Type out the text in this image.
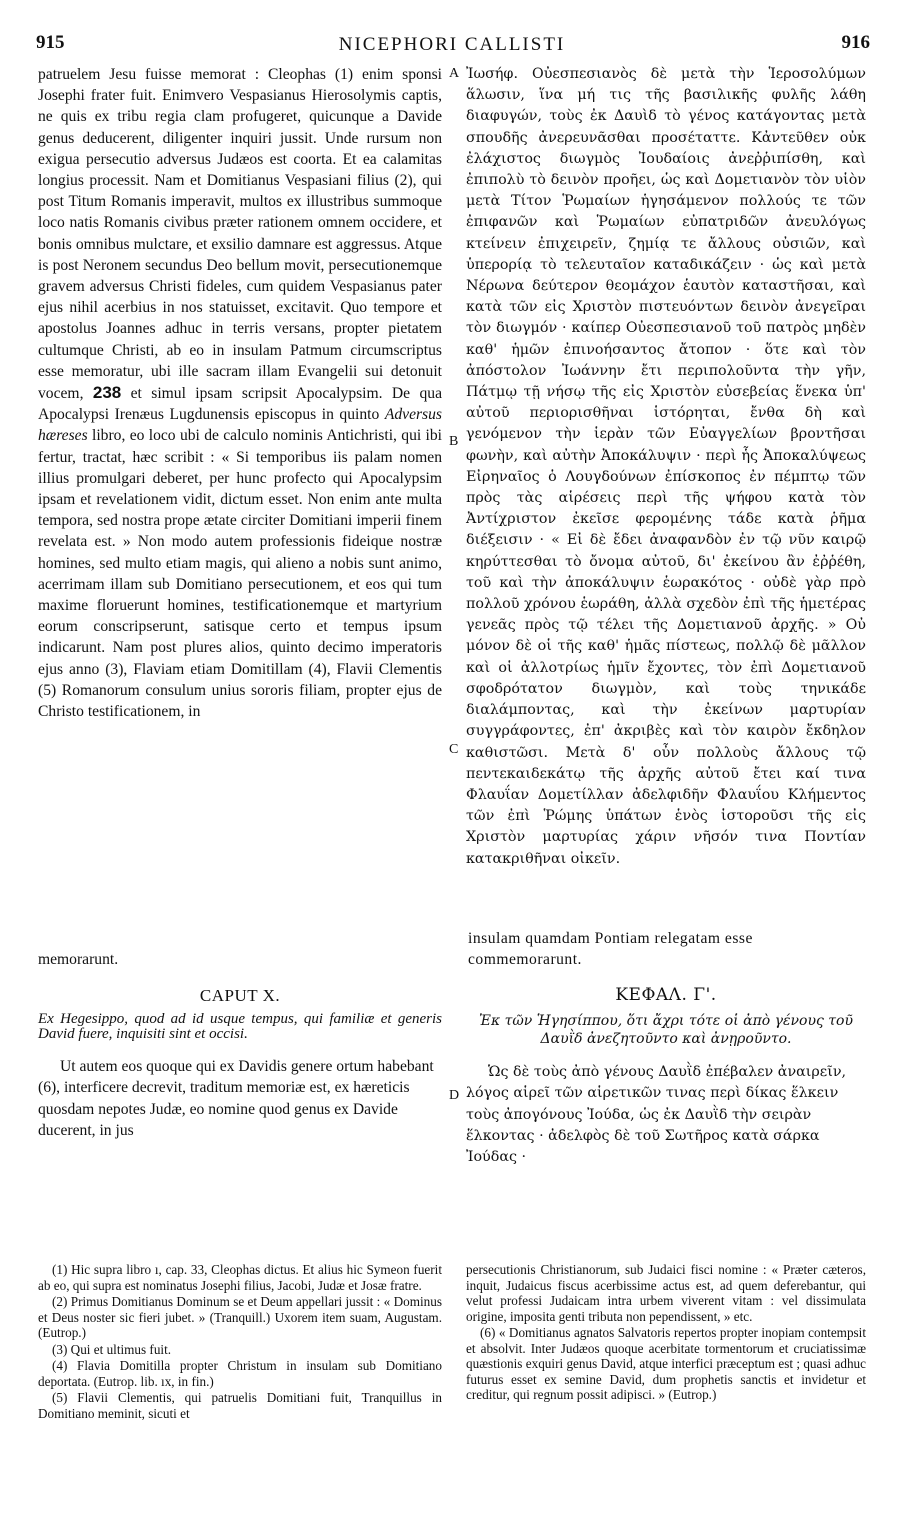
915	NICEPHORI CALLISTI	916
patruelem Jesu fuisse memorat : Cleophas (1) enim sponsi Josephi frater fuit. Enimvero Vespasianus Hierosolymis captis, ne quis ex tribu regia clam profugeret, quicunque a Davide genus deducerent, diligenter inquiri jussit. Unde rursum non exigua persecutio adversus Judæos est coorta. Et ea calamitas longius processit. Nam et Domitianus Vespasiani filius (2), qui post Titum Romanis imperavit, multos ex illustribus summoque loco natis Romanis civibus præter rationem omnem occidere, et bonis omnibus mulctare, et exsilio damnare est aggressus. Atque is post Neronem secundus Deo bellum movit, persecutionemque gravem adversus Christi fideles, cum quidem Vespasianus pater ejus nihil acerbius in nos statuisset, excitavit. Quo tempore et apostolus Joannes adhuc in terris versans, propter pietatem cultumque Christi, ab eo in insulam Patmum circumscriptus esse memoratur, ubi ille sacram illam Evangelii sui detonuit vocem, 238 et simul ipsam scripsit Apocalypsim. De qua Apocalypsi Irenæus Lugdunensis episcopus in quinto Adversus hæreses libro, eo loco ubi de calculo nominis Antichristi, qui ibi fertur, tractat, hæc scribit : « Si temporibus iis palam nomen illius promulgari deberet, per hunc profecto qui Apocalypsim ipsam et revelationem vidit, dictum esset. Non enim ante multa tempora, sed nostra prope ætate circiter Domitiani imperii finem revelata est. » Non modo autem professionis fideique nostræ homines, sed multo etiam magis, qui alieno a nobis sunt animo, acerrimam illam sub Domitiano persecutionem, et eos qui tum maxime floruerunt homines, testificationemque et martyrium eorum conscripserunt, satisque certo et tempus ipsum indicarunt. Nam post plures alios, quinto decimo imperatoris ejus anno (3), Flaviam etiam Domitillam (4), Flavii Clementis (5) Romanorum consulum unius sororis filiam, propter ejus de Christo testificationem, in
A
B
C
D
Ἰωσήφ. Οὐεσπεσιανὸς δὲ μετὰ τὴν Ἱεροσολύμων ἅλωσιν, ἵνα μή τις τῆς βασιλικῆς φυλῆς λάθη διαφυγών, τοὺς ἐκ Δαυὶδ τὸ γένος κατάγοντας μετὰ σπουδῆς ἀνερευνᾶσθαι προσέταττε. Κἀντεῦθεν οὐκ ἐλάχιστος διωγμὸς Ἰουδαίοις ἀνεῤῥιπίσθη, καὶ ἐπιπολὺ τὸ δεινὸν προῆει, ὡς καὶ Δομετιανὸν τὸν υἱὸν μετὰ Τίτον Ῥωμαίων ἡγησάμενον πολλούς τε τῶν ἐπιφανῶν καὶ Ῥωμαίων εὐπατριδῶν ἀνευλόγως κτείνειν ἐπιχειρεῖν, ζημίᾳ τε ἄλλους οὐσιῶν, καὶ ὑπερορίᾳ τὸ τελευταῖον καταδικάζειν · ὡς καὶ μετὰ Νέρωνα δεύτερον θεομάχον ἑαυτὸν καταστῆσαι, καὶ κατὰ τῶν εἰς Χριστὸν πιστευόντων δεινὸν ἀνεγεῖραι τὸν διωγμόν · καίπερ Οὐεσπεσιανοῦ τοῦ πατρὸς μηδὲν καθ' ἡμῶν ἐπινοήσαντος ἄτοπον · ὅτε καὶ τὸν ἀπόστολον Ἰωάννην ἔτι περιπολοῦντα τὴν γῆν, Πάτμῳ τῇ νήσῳ τῆς εἰς Χριστὸν εὐσεβείας ἕνεκα ὑπ' αὐτοῦ περιορισθῆναι ἱστόρηται, ἔνθα δὴ καὶ γενόμενον τὴν ἱερὰν τῶν Εὐαγγελίων βροντῆσαι φωνὴν, καὶ αὐτὴν Ἀποκάλυψιν · περὶ ἧς Ἀποκαλύψεως Εἰρηναῖος ὁ Λουγδούνων ἐπίσκοπος ἐν πέμπτῳ τῶν πρὸς τὰς αἱρέσεις περὶ τῆς ψήφου κατὰ τὸν Ἀντίχριστον ἐκεῖσε φερομένης τάδε κατὰ ῥῆμα διέξεισιν · « Εἰ δὲ ἔδει ἀναφανδὸν ἐν τῷ νῦν καιρῷ κηρύττεσθαι τὸ ὄνομα αὐτοῦ, δι' ἐκείνου ἂν ἐῤῥέθη, τοῦ καὶ τὴν ἀποκάλυψιν ἑωρακότος · οὐδὲ γὰρ πρὸ πολλοῦ χρόνου ἑωράθη, ἀλλὰ σχεδὸν ἐπὶ τῆς ἡμετέρας γενεᾶς πρὸς τῷ τέλει τῆς Δομετιανοῦ ἀρχῆς. » Οὐ μόνον δὲ οἱ τῆς καθ' ἡμᾶς πίστεως, πολλῷ δὲ μᾶλλον καὶ οἱ ἀλλοτρίως ἡμῖν ἔχοντες, τὸν ἐπὶ Δομετιανοῦ σφοδρότατον διωγμὸν, καὶ τοὺς τηνικάδε διαλάμποντας, καὶ τὴν ἐκείνων μαρτυρίαν συγγράφοντες, ἐπ' ἀκριβὲς καὶ τὸν καιρὸν ἔκδηλον καθιστῶσι. Μετὰ δ' οὖν πολλοὺς ἄλλους τῷ πεντεκαιδεκάτῳ τῆς ἀρχῆς αὐτοῦ ἔτει καί τινα Φλαυΐαν Δομετίλλαν ἀδελφιδῆν Φλαυΐου Κλήμεντος τῶν ἐπὶ Ῥώμης ὑπάτων ἑνὸς ἱστοροῦσι τῆς εἰς Χριστὸν μαρτυρίας χάριν νῆσόν τινα Ποντίαν κατακριθῆναι οἰκεῖν.
memorarunt.
insulam quamdam Pontiam relegatam esse commemorarunt.
CAPUT X.
Ex Hegesippo, quod ad id usque tempus, qui familiæ et generis David fuere, inquisiti sint et occisi.

Ut autem eos quoque qui ex Davidis genere ortum habebant (6), interficere decrevit, traditum memoriæ est, ex hæreticis quosdam nepotes Judæ, eo nomine quod genus ex Davide ducerent, in jus

ΚΕΦΑΛ. Γ'.
Ἐκ τῶν Ἡγησίππου, ὅτι ἄχρι τότε οἱ ἀπὸ γένους τοῦ Δαυῒδ ἀνεζητοῦντο καὶ ἀνῃροῦντο.

Ὡς δὲ τοὺς ἀπὸ γένους Δαυῒδ ἐπέβαλεν ἀναιρεῖν, λόγος αἱρεῖ τῶν αἱρετικῶν τινας περὶ δίκας ἕλκειν τοὺς ἀπογόνους Ἰούδα, ὡς ἐκ Δαυῒδ τὴν σειρὰν ἕλκοντας · ἀδελφὸς δὲ τοῦ Σωτῆρος κατὰ σάρκα Ἰούδας ·

(1) Hic supra libro ı, cap. 33, Cleophas dictus. Et alius hic Symeon fuerit ab eo, qui supra est nominatus Josephi filius, Jacobi, Judæ et Josæ fratre.

(2) Primus Domitianus Dominum se et Deum appellari jussit : « Dominus et Deus noster sic fieri jubet. » (Tranquill.) Uxorem item suam, Augustam. (Eutrop.)

(3) Qui et ultimus fuit.

(4) Flavia Domitilla propter Christum in insulam sub Domitiano deportata. (Eutrop. lib. ıx, in fin.)

(5) Flavii Clementis, qui patruelis Domitiani fuit, Tranquillus in Domitiano meminit, sicuti et

persecutionis Christianorum, sub Judaici fisci nomine : « Præter cæteros, inquit, Judaicus fiscus acerbissime actus est, ad quem deferebantur, qui velut professi Judaicam intra urbem viverent vitam : vel dissimulata origine, imposita genti tributa non pependissent, » etc.

(6) « Domitianus agnatos Salvatoris repertos propter inopiam contempsit et absolvit. Inter Judæos quoque acerbitate tormentorum et cruciatissimæ quæstionis exquiri genus David, atque interfici præceptum est ; quasi adhuc futurus esset ex semine David, dum prophetis sanctis et invidetur et creditur, qui regnum possit adipisci. » (Eutrop.)
